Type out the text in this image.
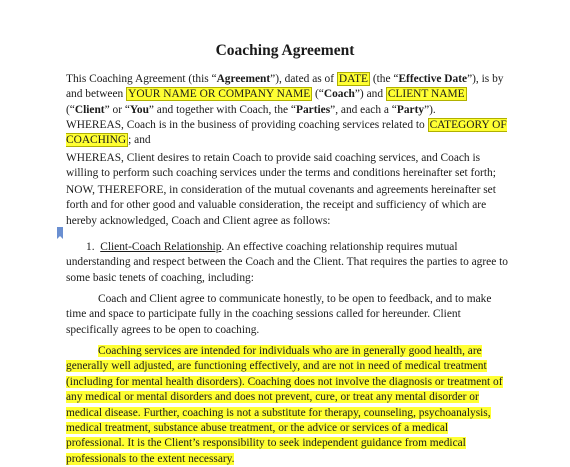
Coaching Agreement

This Coaching Agreement (this “Agreement”), dated as of DATE (the “Effective Date”), is by and between YOUR NAME OR COMPANY NAME (“Coach”) and CLIENT NAME (“Client” or “You” and together with Coach, the “Parties”, and each a “Party”).

WHEREAS, Coach is in the business of providing coaching services related to CATEGORY OF COACHING ; and

WHEREAS, Client desires to retain Coach to provide said coaching services, and Coach is willing to perform such coaching services under the terms and conditions hereinafter set forth;

NOW, THEREFORE, in consideration of the mutual covenants and agreements hereinafter set forth and for other good and valuable consideration, the receipt and sufficiency of which are hereby acknowledged, Coach and Client agree as follows:

1. Client-Coach Relationship. An effective coaching relationship requires mutual understanding and respect between the Coach and the Client. That requires the parties to agree to some basic tenets of coaching, including:

Coach and Client agree to communicate honestly, to be open to feedback, and to make time and space to participate fully in the coaching sessions called for hereunder. Client specifically agrees to be open to coaching.

Coaching services are intended for individuals who are in generally good health, are generally well adjusted, are functioning effectively, and are not in need of medical treatment (including for mental health disorders). Coaching does not involve the diagnosis or treatment of any medical or mental disorders and does not prevent, cure, or treat any mental disorder or medical disease. Further, coaching is not a substitute for therapy, counseling, psychoanalysis, medical treatment, substance abuse treatment, or the advice or services of a medical professional. It is the Client’s responsibility to seek independent guidance from medical professionals to the extent necessary.
